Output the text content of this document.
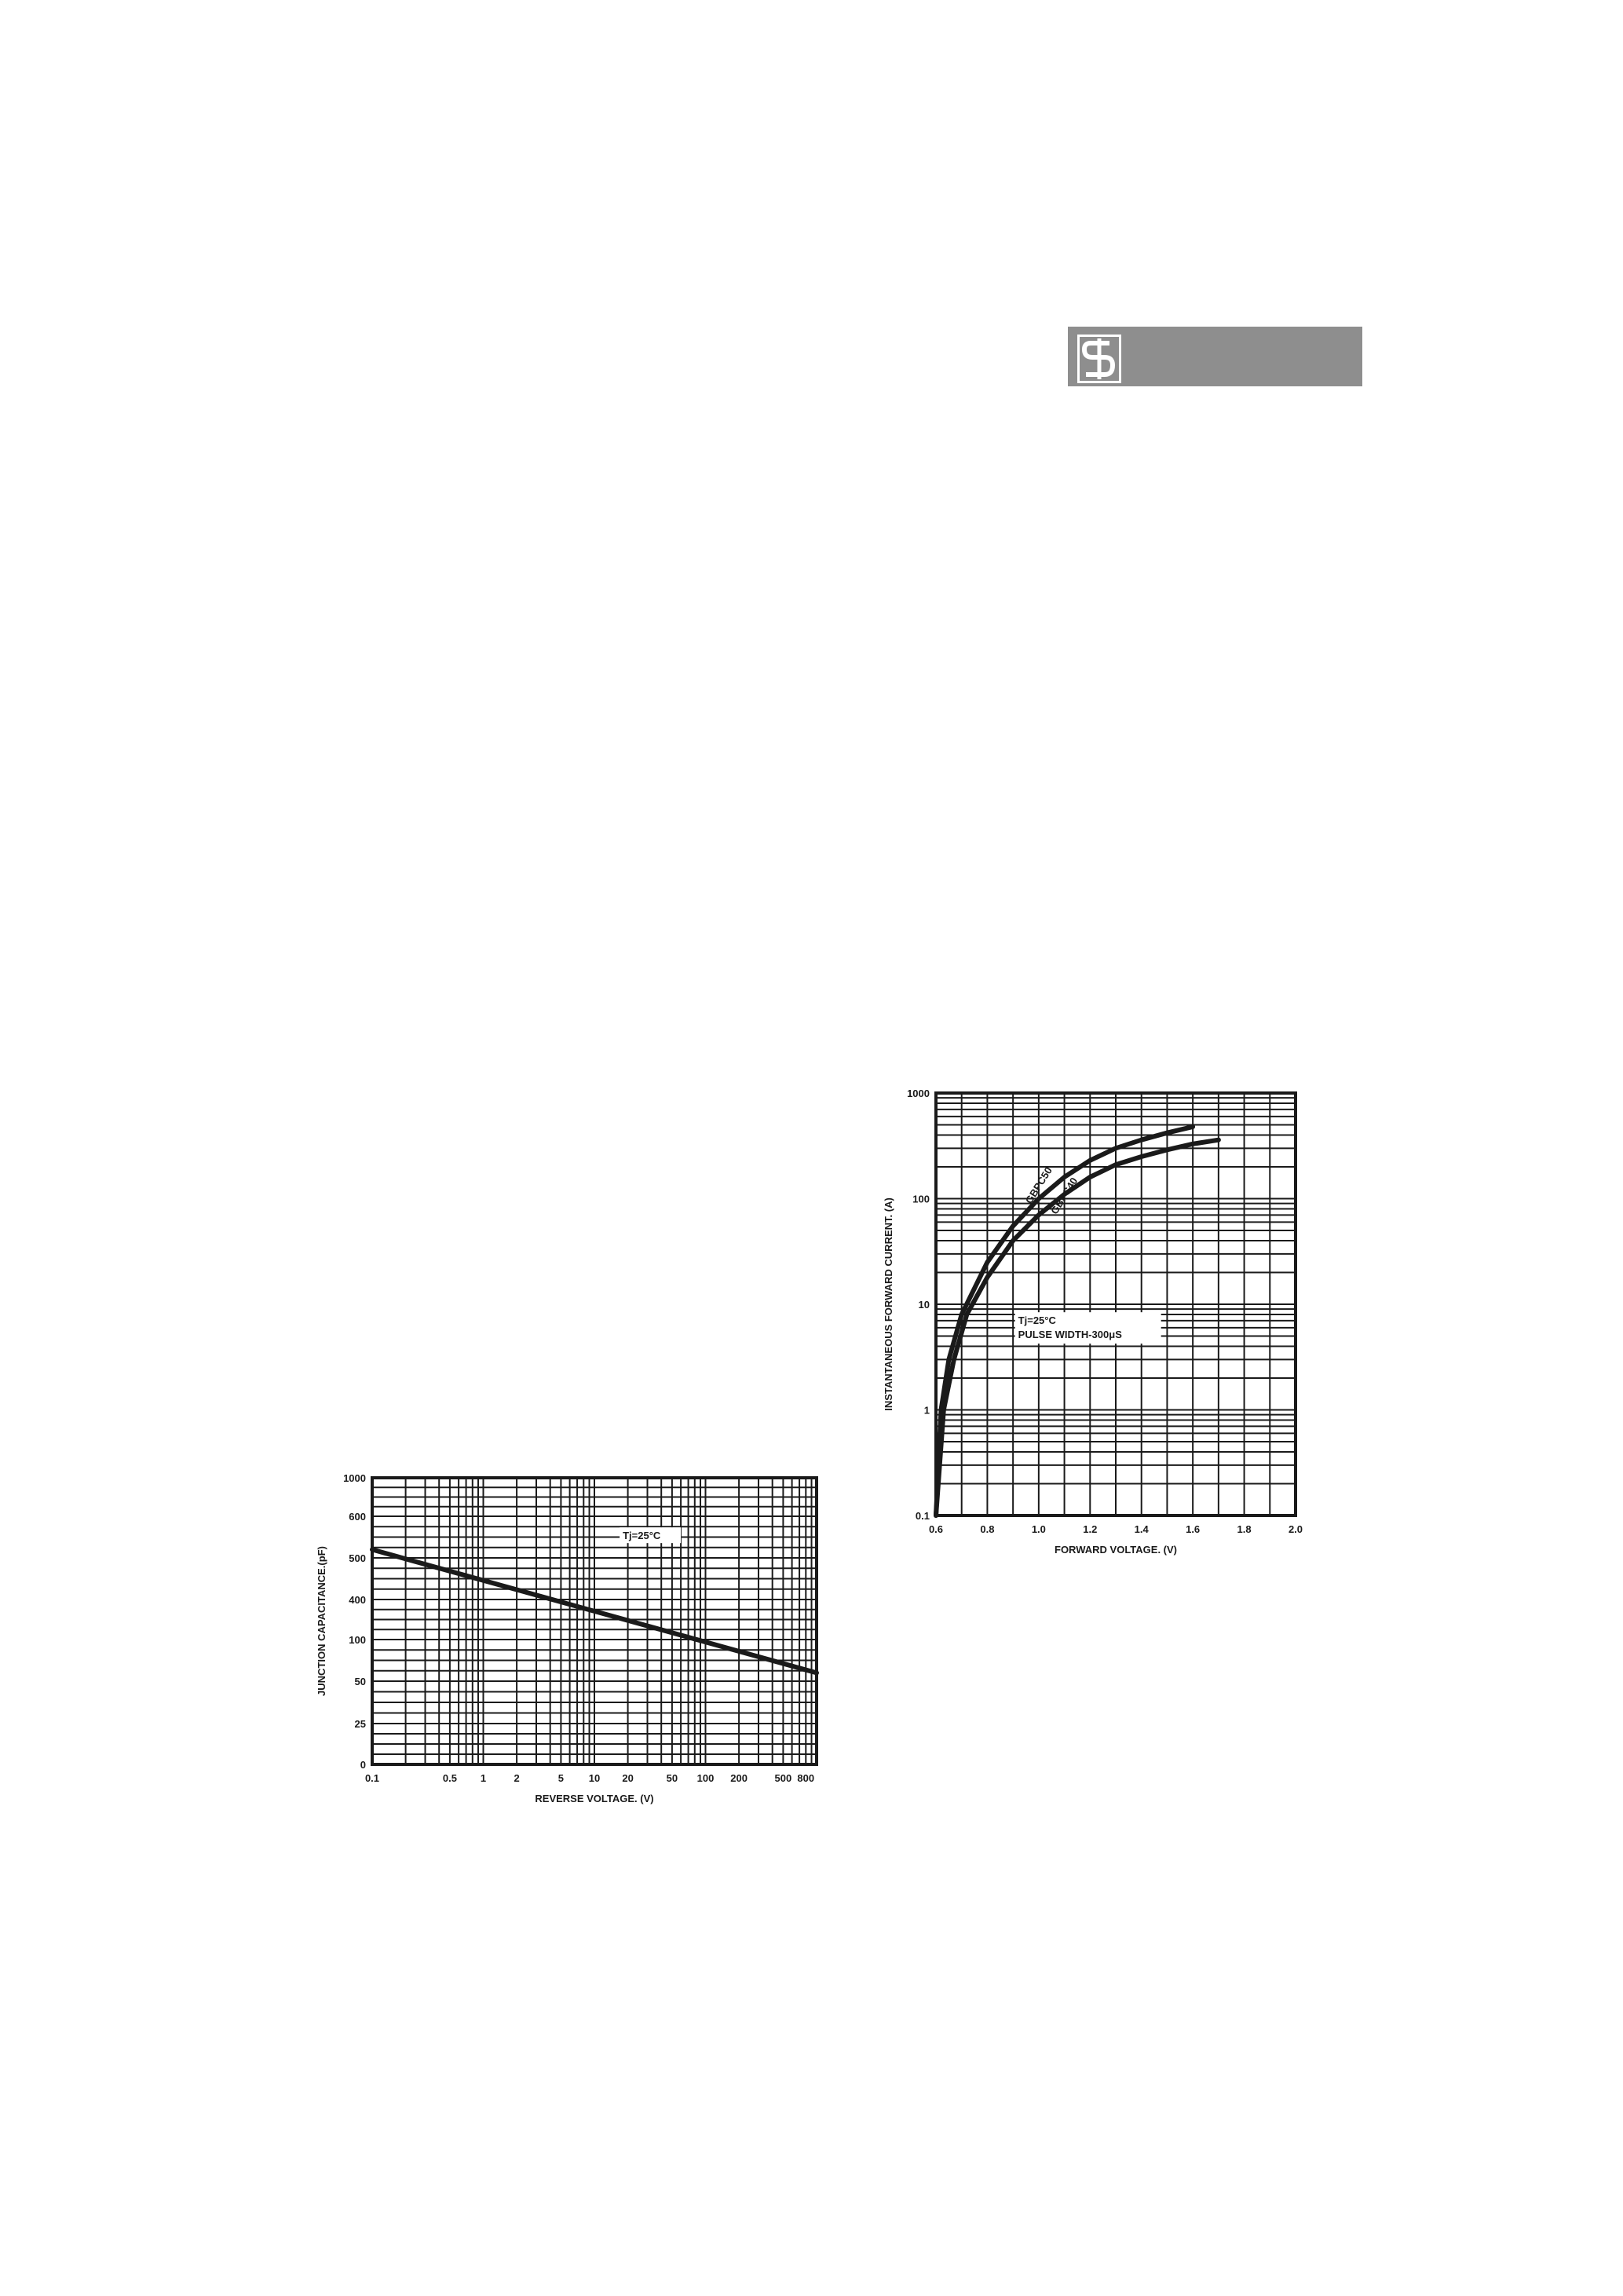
0.6	0.8	1.0	1.2	1.4	1.6	1.8	2.0
0.1
1
10
100
1000
FORWARD VOLTAGE. (V)
INSTANTANEOUS FORWARD CURRENT. (A)
GBPC50
GBPC40
Tj=25°C
PULSE WIDTH-300μS
0.1	0.5 1	2	5 10 20	50 100 200	500 800
0
25
50
100
400
500
600
1000
REVERSE VOLTAGE. (V)
JUNCTION CAPACITANCE.(pF)
Tj=25°C
